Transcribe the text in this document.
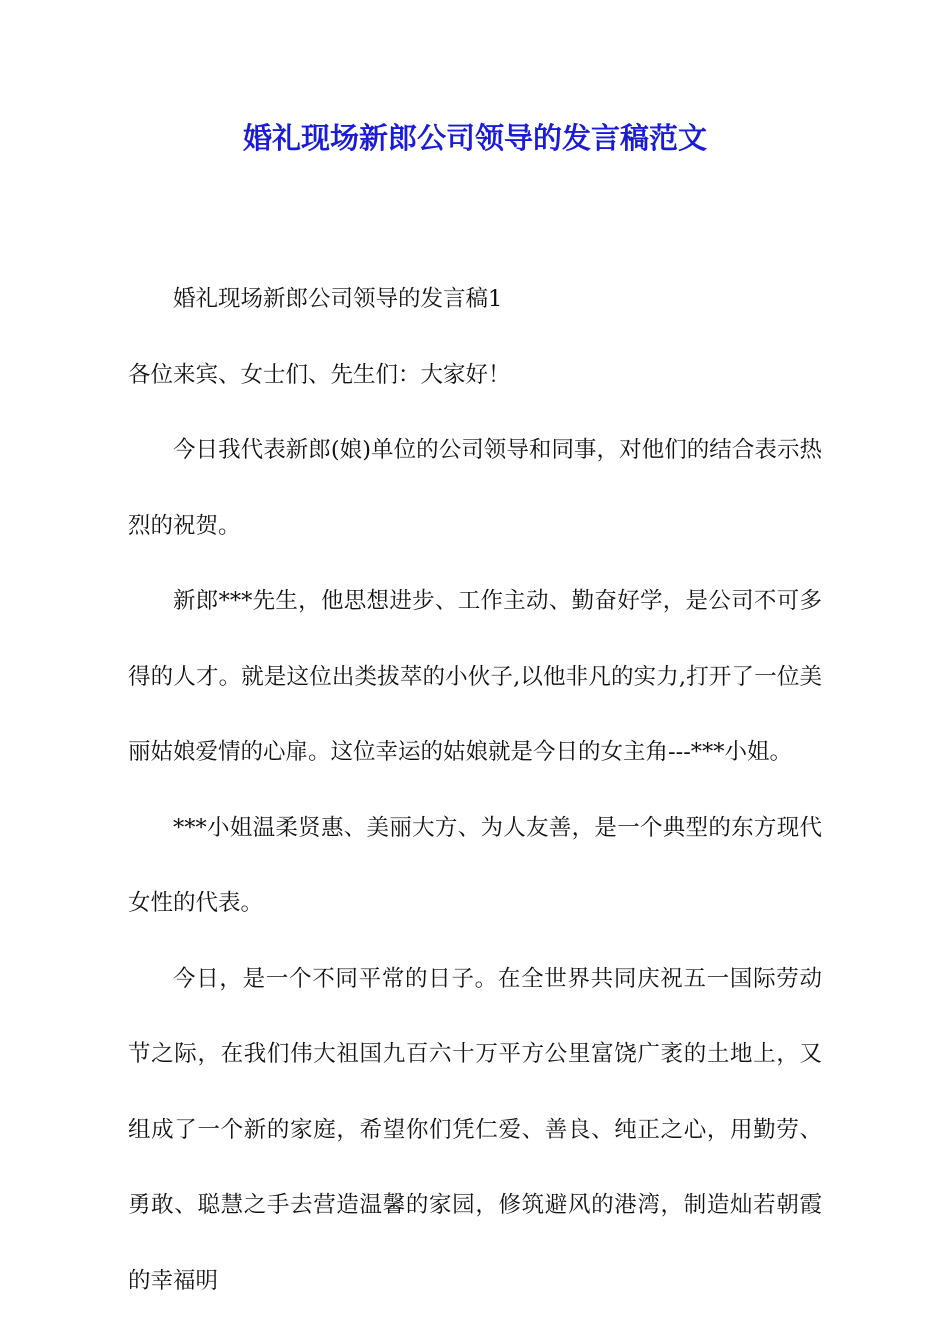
婚礼现场新郎公司领导的发言稿范文

婚礼现场新郎公司领导的发言稿1

各位来宾、女士们、先生们：大家好！

今日我代表新郎(娘)单位的公司领导和同事，对他们的结合表示热烈的祝贺。

新郎***先生，他思想进步、工作主动、勤奋好学，是公司不可多得的人才。就是这位出类拔萃的小伙子,以他非凡的实力,打开了一位美丽姑娘爱情的心扉。这位幸运的姑娘就是今日的女主角---***小姐。

***小姐温柔贤惠、美丽大方、为人友善，是一个典型的东方现代女性的代表。

今日，是一个不同平常的日子。在全世界共同庆祝五一国际劳动节之际，在我们伟大祖国九百六十万平方公里富饶广袤的土地上，又组成了一个新的家庭，希望你们凭仁爱、善良、纯正之心，用勤劳、勇敢、聪慧之手去营造温馨的家园，修筑避风的港湾，制造灿若朝霞的幸福明
